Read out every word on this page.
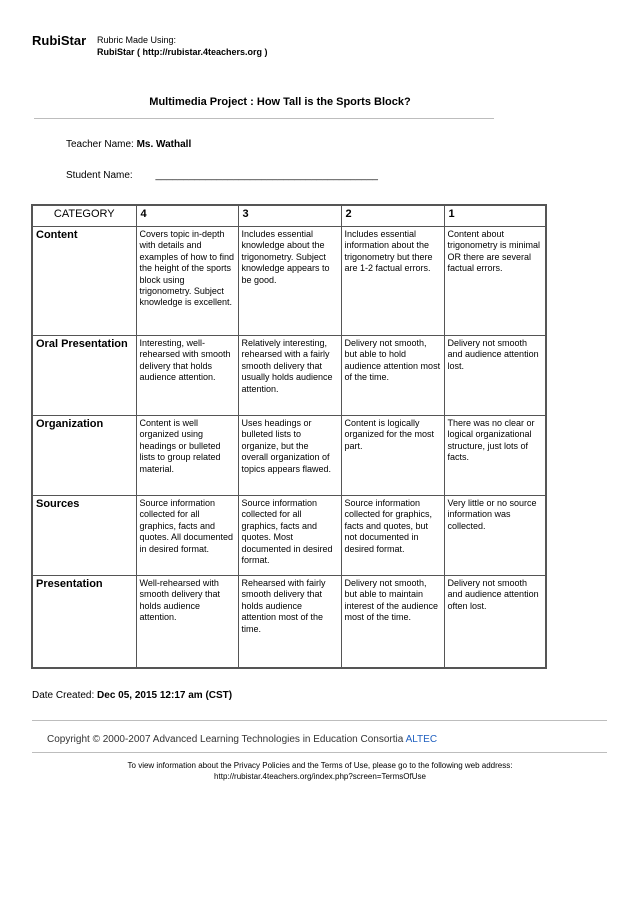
RubiStar Rubric Made Using:
RubiStar ( http://rubistar.4teachers.org )
Multimedia Project : How Tall is the Sports Block?
Teacher Name: Ms. Wathall
Student Name: ________________________________________
CATEGORY	4	3	2	1
Content	Covers topic in-depth with details and examples of how to find the height of the sports block using trigonometry. Subject knowledge is excellent.	Includes essential knowledge about the trigonometry. Subject knowledge appears to be good.	Includes essential information about the trigonometry but there are 1-2 factual errors.	Content about trigonometry is minimal OR there are several factual errors.
Oral Presentation	Interesting, well-rehearsed with smooth delivery that holds audience attention.	Relatively interesting, rehearsed with a fairly smooth delivery that usually holds audience attention.	Delivery not smooth, but able to hold audience attention most of the time.	Delivery not smooth and audience attention lost.
Organization	Content is well organized using headings or bulleted lists to group related material.	Uses headings or bulleted lists to organize, but the overall organization of topics appears flawed.	Content is logically organized for the most part.	There was no clear or logical organizational structure, just lots of facts.
Sources	Source information collected for all graphics, facts and quotes. All documented in desired format.	Source information collected for all graphics, facts and quotes. Most documented in desired format.	Source information collected for graphics, facts and quotes, but not documented in desired format.	Very little or no source information was collected.
Presentation	Well-rehearsed with smooth delivery that holds audience attention.	Rehearsed with fairly smooth delivery that holds audience attention most of the time.	Delivery not smooth, but able to maintain interest of the audience most of the time.	Delivery not smooth and audience attention often lost.
Date Created: Dec 05, 2015 12:17 am (CST)
Copyright © 2000-2007 Advanced Learning Technologies in Education Consortia ALTEC
To view information about the Privacy Policies and the Terms of Use, please go to the following web address:
http://rubistar.4teachers.org/index.php?screen=TermsOfUse
